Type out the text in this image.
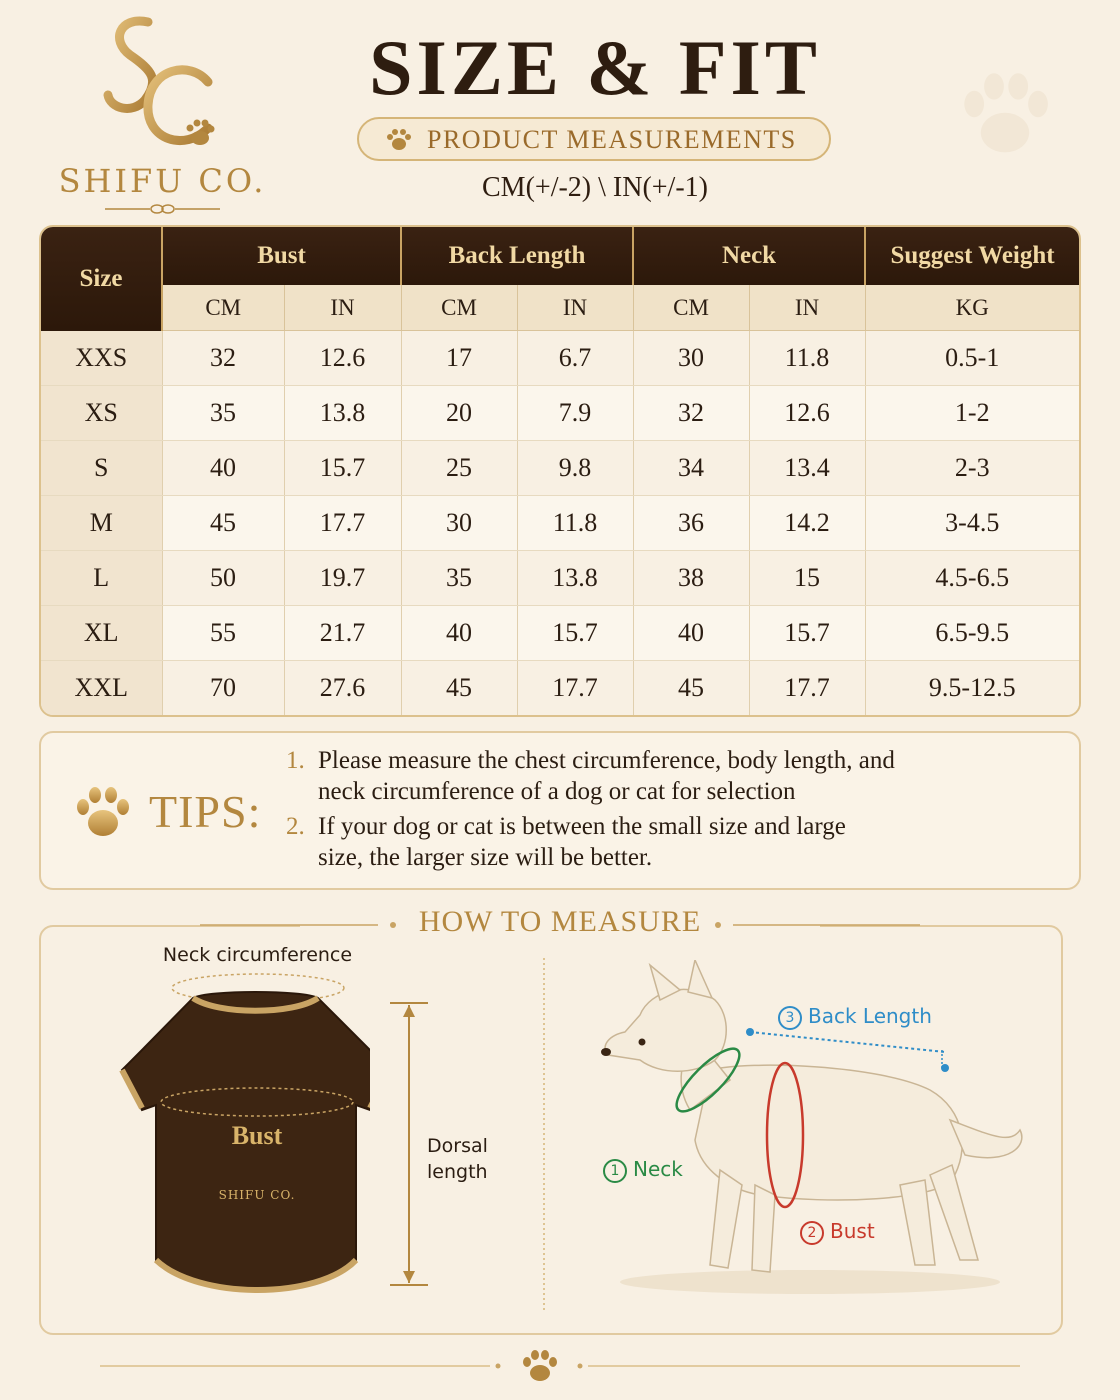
SHIFU CO.
SIZE & FIT
PRODUCT MEASUREMENTS
CM(+/-2) \ IN(+/-1)
Size	Bust		Back Length		Neck		Suggest Weight
	CM	IN	CM	IN	CM	IN	KG
XXS	32	12.6	17	6.7	30	11.8	0.5-1
XS	35	13.8	20	7.9	32	12.6	1-2
S	40	15.7	25	9.8	34	13.4	2-3
M	45	17.7	30	11.8	36	14.2	3-4.5
L	50	19.7	35	13.8	38	15	4.5-6.5
XL	55	21.7	40	15.7	40	15.7	6.5-9.5
XXL	70	27.6	45	17.7	45	17.7	9.5-12.5
TIPS:
1. Please measure the chest circumference, body length, and
neck circumference of a dog or cat for selection
2. If your dog or cat is between the small size and large
size, the larger size will be better.
HOW TO MEASURE
Neck circumference
Bust
SHIFU CO.
Dorsal
length
3 Back Length
1 Neck
2 Bust
